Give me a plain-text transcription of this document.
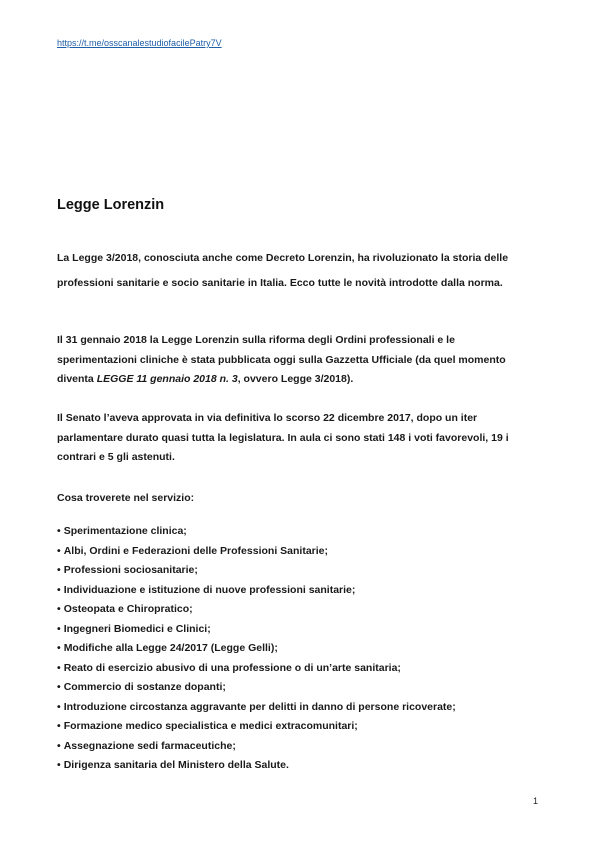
https://t.me/osscanalestudiofacilePatry7V
Legge Lorenzin

La Legge 3/2018, conosciuta anche come Decreto Lorenzin, ha rivoluzionato la storia delle professioni sanitarie e socio sanitarie in Italia. Ecco tutte le novità introdotte dalla norma.

Il 31 gennaio 2018 la Legge Lorenzin sulla riforma degli Ordini professionali e le sperimentazioni cliniche è stata pubblicata oggi sulla Gazzetta Ufficiale (da quel momento diventa LEGGE 11 gennaio 2018 n. 3, ovvero Legge 3/2018).

Il Senato l’aveva approvata in via definitiva lo scorso 22 dicembre 2017, dopo un iter parlamentare durato quasi tutta la legislatura. In aula ci sono stati 148 i voti favorevoli, 19 i contrari e 5 gli astenuti.

Cosa troverete nel servizio:

• Sperimentazione clinica;
• Albi, Ordini e Federazioni delle Professioni Sanitarie;
• Professioni sociosanitarie;
• Individuazione e istituzione di nuove professioni sanitarie;
• Osteopata e Chiropratico;
• Ingegneri Biomedici e Clinici;
• Modifiche alla Legge 24/2017 (Legge Gelli);
• Reato di esercizio abusivo di una professione o di un’arte sanitaria;
• Commercio di sostanze dopanti;
• Introduzione circostanza aggravante per delitti in danno di persone ricoverate;
• Formazione medico specialistica e medici extracomunitari;
• Assegnazione sedi farmaceutiche;
• Dirigenza sanitaria del Ministero della Salute.
1
